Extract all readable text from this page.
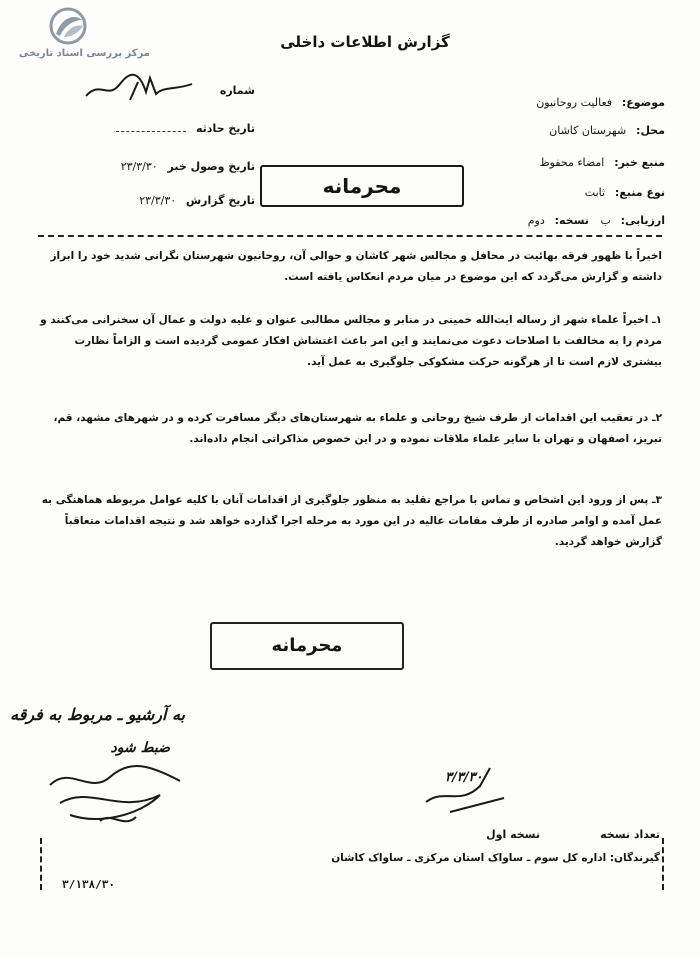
مرکز بررسی اسناد تاریخی
گزارش اطلاعات داخلی
شماره
تاریخ حادثه
تاریخ وصول خبر ۲۳/۳/۳۰
تاریخ گزارش ۲۳/۳/۳۰
موضوع: فعالیت روحانیون
محل: شهرستان کاشان
منبع خبر: امضاء محفوظ
نوع منبع: ثابت
ارزیابی: ب   نسخه: دوم
محرمانه
اخیراً با ظهور فرقه بهائیت در محافل و مجالس شهر کاشان و حوالی آن، روحانیون شهرستان نگرانی شدید خود را ابراز داشته و گزارش می‌گردد که این موضوع در میان مردم انعکاس یافته است.
۱ـ اخیراً علماء شهر از رساله ایت‌الله خمینی در منابر و مجالس مطالبی عنوان و علیه دولت و عمال آن سخنرانی می‌کنند و مردم را به مخالفت با اصلاحات دعوت می‌نمایند و این امر باعث اغتشاش افکار عمومی گردیده است و الزاماً نظارت بیشتری لازم است تا از هرگونه حرکت مشکوکی جلوگیری به عمل آید.
۲ـ در تعقیب این اقدامات از طرف شیخ روحانی و علماء به شهرستان‌های دیگر مسافرت کرده و در شهرهای مشهد، قم، تبریز، اصفهان و تهران با سایر علماء ملاقات نموده و در این خصوص مذاکراتی انجام داده‌اند.
۳ـ پس از ورود این اشخاص و تماس با مراجع تقلید به منظور جلوگیری از اقدامات آنان با کلیه عوامل مربوطه هماهنگی به عمل آمده و اوامر صادره از طرف مقامات عالیه در این مورد به مرحله اجرا گذارده خواهد شد و نتیجه اقدامات متعاقباً گزارش خواهد گردید.
محرمانه
به آرشیو ـ مربوط به فرقه
ضبط شود
۳/۳/۳۰
تعداد نسخه
نسخه اول
گیرندگان: اداره کل سوم ـ ساواک استان مرکزی ـ ساواک کاشان
۳/۱۳۸/۳۰
